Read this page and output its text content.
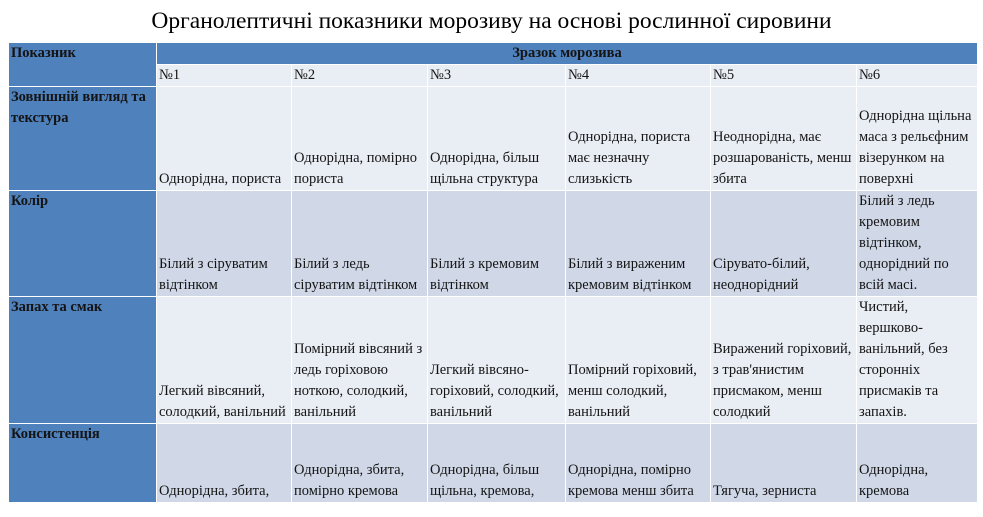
Органолептичні показники морозиву на основі рослинної сировини
Показник	Зразок морозива					
	№1	№2	№3	№4	№5	№6
Зовнішній вигляд та текстура	Однорідна, пориста	Однорідна, помірно пориста	Однорідна, більш щільна структура	Однорідна, пориста має незначну слизькість	Неоднорідна, має розшарованість, менш збита	Однорідна щільна маса з рельєфним візерунком на поверхні
Колір	Білий з сіруватим відтінком	Білий з ледь сіруватим відтінком	Білий з кремовим відтінком	Білий з вираженим кремовим відтінком	Сірувато-білий, неоднорідний	Білий з ледь кремовим відтінком, однорідний по всій масі.
Запах та смак	Легкий вівсяний, солодкий, ванільний	Помірний вівсяний з ледь горіховою ноткою, солодкий, ванільний	Легкий вівсяно-горіховий, солодкий, ванільний	Помірний горіховий, менш солодкий, ванільний	Виражений горіховий, з трав'янистим присмаком, менш солодкий	Чистий, вершково-ванільний, без сторонніх присмаків та запахів.
Консистенція	Однорідна, збита,	Однорідна, збита, помірно кремова	Однорідна, більш щільна, кремова,	Однорідна, помірно кремова менш збита	Тягуча, зерниста	Однорідна, кремова
